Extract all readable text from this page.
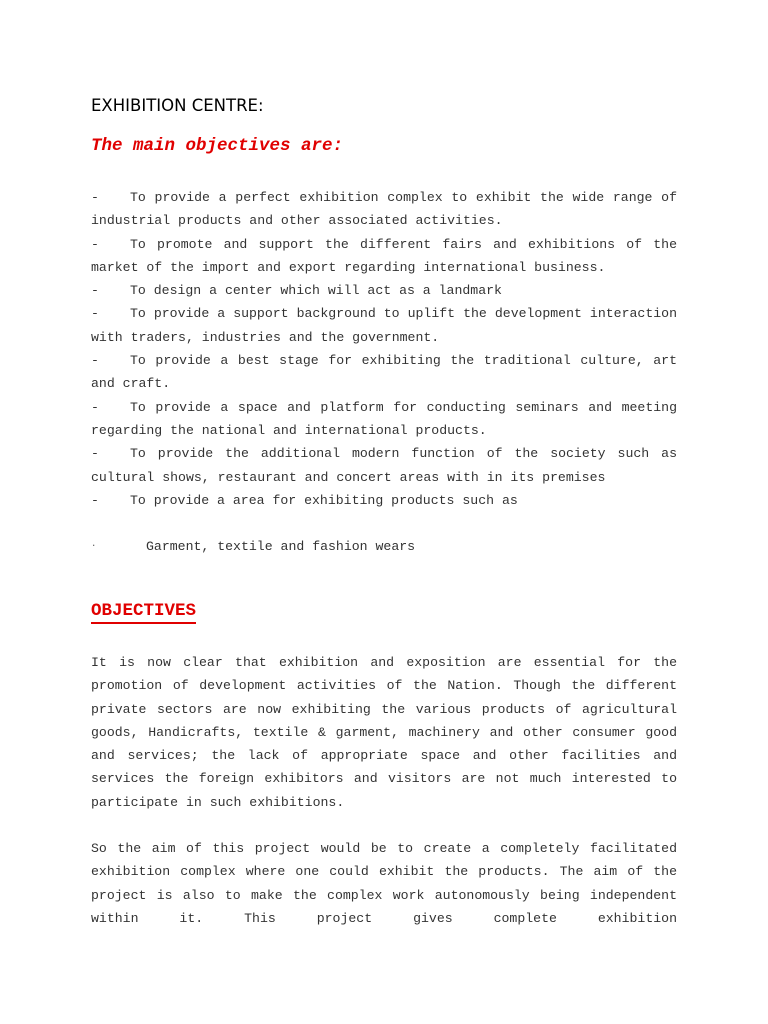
EXHIBITION CENTRE:
The main objectives are:
- To provide a perfect exhibition complex to exhibit the wide range of industrial products and other associated activities.
- To promote and support the different fairs and exhibitions of the market of the import and export regarding international business.
- To design a center which will act as a landmark
- To provide a support background to uplift the development interaction with traders, industries and the government.
- To provide a best stage for exhibiting the traditional culture, art and craft.
- To provide a space and platform for conducting seminars and meeting regarding the national and international products.
- To provide the additional modern function of the society such as cultural shows, restaurant and concert areas with in its premises
- To provide a area for exhibiting products such as
·	Garment, textile and fashion wears
OBJECTIVES

It is now clear that exhibition and exposition are essential for the promotion of development activities of the Nation. Though the different private sectors are now exhibiting the various products of agricultural goods, Handicrafts, textile & garment, machinery and other consumer good and services; the lack of appropriate space and other facilities and services the foreign exhibitors and visitors are not much interested to participate in such exhibitions.

So the aim of this project would be to create a completely facilitated exhibition complex where one could exhibit the products. The aim of the project is also to make the complex work autonomously being independent within it. This project gives complete exhibition
